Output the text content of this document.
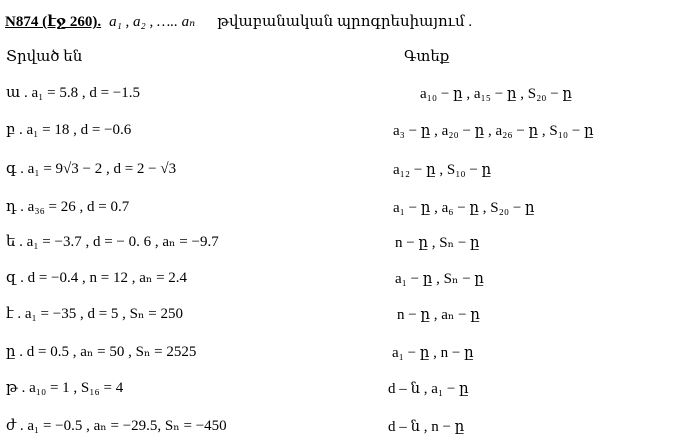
N874 (էջ 260). a₁ , a₂ , ….. aₙ թվաբանական պրոգրեսիայում .
Տրված են	Գտեք
ա . a₁ = 5.8 , d = −1.5	a₁₀ − ը , a₁₅ − ը , S₂₀ − ը
բ . a₁ = 18 , d = −0.6	a₃ − ը , a₂₀ − ը , a₂₆ − ը , S₁₀ − ը
գ . a₁ = 9√3 − 2 , d = 2 − √3	a₁₂ − ը , S₁₀ − ը
դ . a₃₆ = 26 , d = 0.7	a₁ − ը , a₆ − ը , S₂₀ − ը
ե . a₁ = −3.7 , d = − 0. 6 , aₙ = −9.7	n − ը , Sₙ − ը
զ . d = −0.4 , n = 12 , aₙ = 2.4	a₁ − ը , Sₙ − ը
է . a₁ = −35 , d = 5 , Sₙ = 250	n − ը , aₙ − ը
ը . d = 0.5 , aₙ = 50 , Sₙ = 2525	a₁ − ը , n − ը
թ . a₁₀ = 1 , S₁₆ = 4	d – ն , a₁ − ը
ժ . a₁ = −0.5 , aₙ = −29.5, Sₙ = −450	d – ն , n − ը
